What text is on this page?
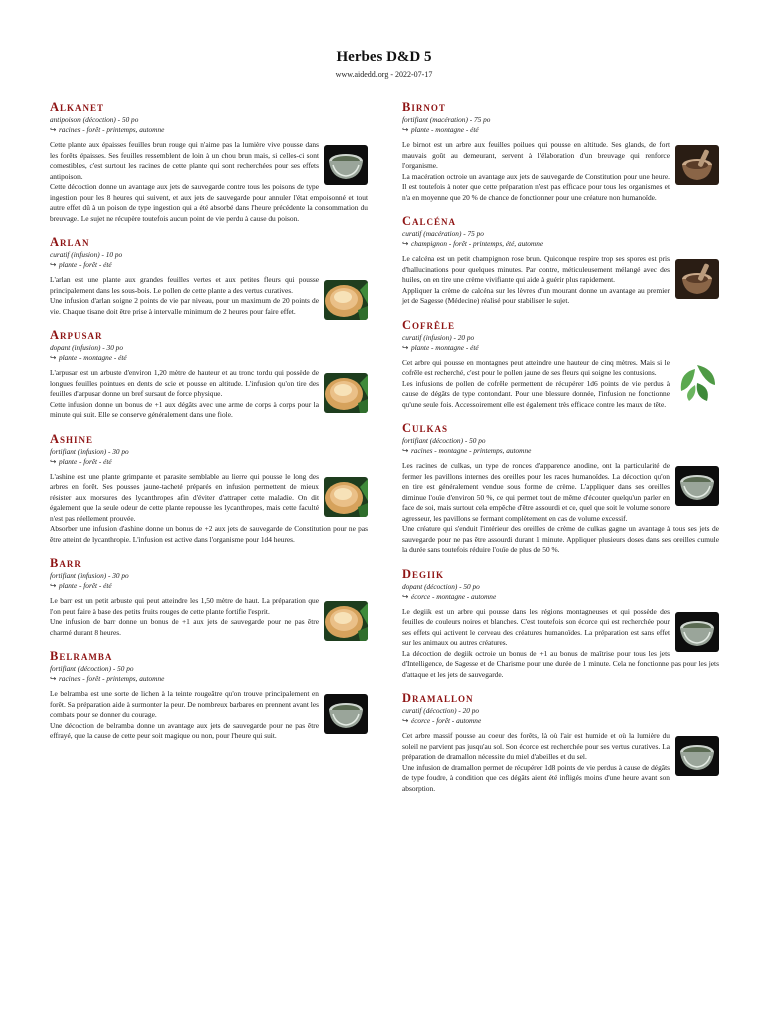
Herbes D&D 5
www.aidedd.org - 2022-07-17
Alkanet
antipoison (décoction) - 50 po
↪ racines - forêt - printemps, automne

Cette plante aux épaisses feuilles brun rouge qui n'aime pas la lumière vive pousse dans les forêts épaisses. Ses feuilles ressemblent de loin à un chou brun mais, si celles-ci sont comestibles, c'est surtout les racines de cette plante qui sont recherchées pour ses effets antipoison.

Cette décoction donne un avantage aux jets de sauvegarde contre tous les poisons de type ingestion pour les 8 heures qui suivent, et aux jets de sauvegarde pour annuler l'état empoisonné et tout autre effet dû à un poison de type ingestion qui a été absorbé dans l'heure précédente la consommation du breuvage. Le sujet ne récupère toutefois aucun point de vie perdu à cause du poison.

Arlan
curatif (infusion) - 10 po
↪ plante - forêt - été

L'arlan est une plante aux grandes feuilles vertes et aux petites fleurs qui pousse principalement dans les sous-bois. Le pollen de cette plante a des vertus curatives.

Une infusion d'arlan soigne 2 points de vie par niveau, pour un maximum de 20 points de vie. Chaque tisane doit être prise à intervalle minimum de 2 heures pour faire effet.

Arpusar
dopant (infusion) - 30 po
↪ plante - montagne - été

L'arpusar est un arbuste d'environ 1,20 mètre de hauteur et au tronc tordu qui possède de longues feuilles pointues en dents de scie et pousse en altitude. L'infusion qu'on tire des feuilles d'arpusar donne un bref sursaut de force physique.

Cette infusion donne un bonus de +1 aux dégâts avec une arme de corps à corps pour la minute qui suit. Elle se conserve généralement dans une fiole.

Ashine
fortifiant (infusion) - 30 po
↪ plante - forêt - été

L'ashine est une plante grimpante et parasite semblable au lierre qui pousse le long des arbres en forêt. Ses pousses jaune-tacheté préparés en infusion permettent de mieux résister aux morsures des lycanthropes afin d'éviter d'attraper cette maladie. On dit également que la seule odeur de cette plante repousse les lycanthropes, mais cette faculté n'est pas réellement prouvée.

Absorber une infusion d'ashine donne un bonus de +2 aux jets de sauvegarde de Constitution pour ne pas être atteint de lycanthropie. L'infusion est active dans l'organisme pour 1d4 heures.

Barr
fortifiant (infusion) - 30 po
↪ plante - forêt - été

Le barr est un petit arbuste qui peut atteindre les 1,50 mètre de haut. La préparation que l'on peut faire à base des petits fruits rouges de cette plante fortifie l'esprit.

Une infusion de barr donne un bonus de +1 aux jets de sauvegarde pour ne pas être charmé durant 8 heures.

Belramba
fortifiant (décoction) - 50 po
↪ racines - forêt - printemps, automne

Le belramba est une sorte de lichen à la teinte rougeâtre qu'on trouve principalement en forêt. Sa préparation aide à surmonter la peur. De nombreux barbares en prennent avant les combats pour se donner du courage.

Une décoction de belramba donne un avantage aux jets de sauvegarde pour ne pas être effrayé, que la cause de cette peur soit magique ou non, pour l'heure qui suit.

Birnot
fortifiant (macération) - 75 po
↪ plante - montagne - été

Le birnot est un arbre aux feuilles poilues qui pousse en altitude. Ses glands, de fort mauvais goût au demeurant, servent à l'élaboration d'un breuvage qui renforce l'organisme.

La macération octroie un avantage aux jets de sauvegarde de Constitution pour une heure. Il est toutefois à noter que cette préparation n'est pas efficace pour tous les organismes et n'a en moyenne que 20 % de chance de fonctionner pour une créature non humanoïde.

Calcéna
curatif (macération) - 75 po
↪ champignon - forêt - printemps, été, automne

Le calcéna est un petit champignon rose brun. Quiconque respire trop ses spores est pris d'hallucinations pour quelques minutes. Par contre, méticuleusement mélangé avec des huiles, on en tire une crème vivifiante qui aide à guérir plus rapidement.

Appliquer la crème de calcéna sur les lèvres d'un mourant donne un avantage au premier jet de Sagesse (Médecine) réalisé pour stabiliser le sujet.

Cofrêle
curatif (infusion) - 20 po
↪ plante - montagne - été

Cet arbre qui pousse en montagnes peut atteindre une hauteur de cinq mètres. Mais si le cofrêle est recherché, c'est pour le pollen jaune de ses fleurs qui soigne les contusions.

Les infusions de pollen de cofrêle permettent de récupérer 1d6 points de vie perdus à cause de dégâts de type contondant. Pour une blessure donnée, l'infusion ne fonctionne qu'une seule fois. Accessoirement elle est également très efficace contre les maux de tête.

Culkas
fortifiant (décoction) - 50 po
↪ racines - montagne - printemps, automne

Les racines de culkas, un type de ronces d'apparence anodine, ont la particularité de fermer les pavillons internes des oreilles pour les races humanoïdes. La décoction qu'on en tire est généralement vendue sous forme de crème. L'appliquer dans ses oreilles diminue l'ouïe d'environ 50 %, ce qui permet tout de même d'écouter quelqu'un parler en face de soi, mais surtout cela empêche d'être assourdi et ce, quel que soit le volume sonore agresseur, les pavillons se fermant complètement en cas de volume excessif.

Une créature qui s'enduit l'intérieur des oreilles de crème de culkas gagne un avantage à tous ses jets de sauvegarde pour ne pas être assourdi durant 1 minute. Appliquer plusieurs doses dans ses oreilles cumule la durée sans toutefois réduire l'ouïe de plus de 50 %.

Degiik
dopant (décoction) - 50 po
↪ écorce - montagne - automne

Le degiik est un arbre qui pousse dans les régions montagneuses et qui possède des feuilles de couleurs noires et blanches. C'est toutefois son écorce qui est recherchée pour ses effets qui activent le cerveau des créatures humanoïdes. La préparation est sans effet sur les animaux ou autres créatures.

La décoction de degiik octroie un bonus de +1 au bonus de maîtrise pour tous les jets d'Intelligence, de Sagesse et de Charisme pour une durée de 1 minute. Cela ne fonctionne pas pour les jets d'attaque et les jets de sauvegarde.

Dramallon
curatif (décoction) - 20 po
↪ écorce - forêt - automne

Cet arbre massif pousse au coeur des forêts, là où l'air est humide et où la lumière du soleil ne parvient pas jusqu'au sol. Son écorce est recherchée pour ses vertus curatives. La préparation de dramallon nécessite du miel d'abeilles et du sel.

Une infusion de dramallon permet de récupérer 1d8 points de vie perdus à cause de dégâts de type foudre, à condition que ces dégâts aient été infligés moins d'une heure avant son absorption.
